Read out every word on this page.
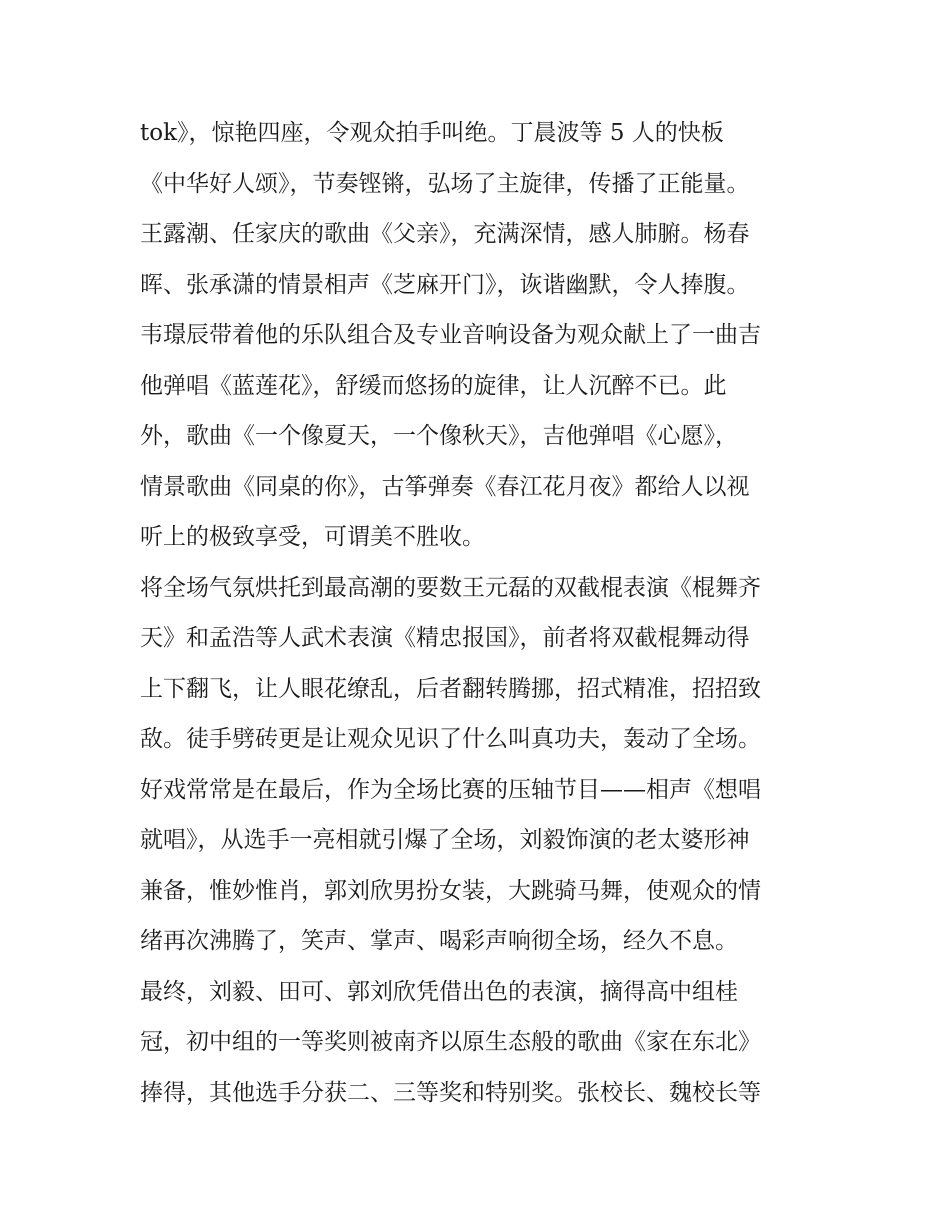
tok》，惊艳四座，令观众拍手叫绝。丁晨波等 5 人的快板
《中华好人颂》，节奏铿锵，弘场了主旋律，传播了正能量。
王露潮、任家庆的歌曲《父亲》，充满深情，感人肺腑。杨春
晖、张承潇的情景相声《芝麻开门》，诙谐幽默，令人捧腹。
韦璟辰带着他的乐队组合及专业音响设备为观众献上了一曲吉
他弹唱《蓝莲花》，舒缓而悠扬的旋律，让人沉醉不已。此
外，歌曲《一个像夏天，一个像秋天》，吉他弹唱《心愿》，
情景歌曲《同桌的你》，古筝弹奏《春江花月夜》都给人以视
听上的极致享受，可谓美不胜收。
将全场气氛烘托到最高潮的要数王元磊的双截棍表演《棍舞齐
天》和孟浩等人武术表演《精忠报国》，前者将双截棍舞动得
上下翻飞，让人眼花缭乱，后者翻转腾挪，招式精准，招招致
敌。徒手劈砖更是让观众见识了什么叫真功夫，轰动了全场。
好戏常常是在最后，作为全场比赛的压轴节目——相声《想唱
就唱》，从选手一亮相就引爆了全场，刘毅饰演的老太婆形神
兼备，惟妙惟肖，郭刘欣男扮女装，大跳骑马舞，使观众的情
绪再次沸腾了，笑声、掌声、喝彩声响彻全场，经久不息。
最终，刘毅、田可、郭刘欣凭借出色的表演，摘得高中组桂
冠，初中组的一等奖则被南齐以原生态般的歌曲《家在东北》
捧得，其他选手分获二、三等奖和特别奖。张校长、魏校长等
